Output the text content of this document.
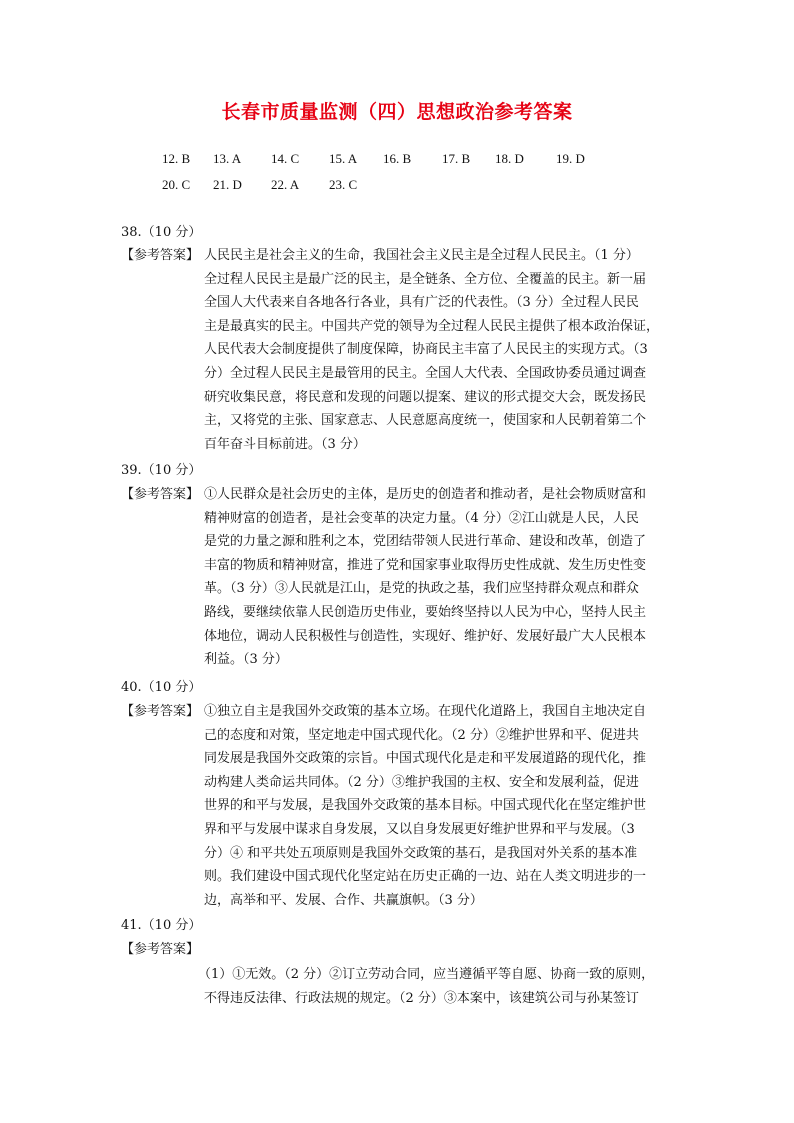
长春市质量监测（四）思想政治参考答案
12. B 13. A 14. C 15. A 16. B 17. B 18. D 19. D
20. C 21. D 22. A 23. C
38.（10 分）
【参考答案】 人民民主是社会主义的生命，我国社会主义民主是全过程人民民主。（1 分）
全过程人民民主是最广泛的民主，是全链条、全方位、全覆盖的民主。新一届
全国人大代表来自各地各行各业，具有广泛的代表性。（3 分）全过程人民民
主是最真实的民主。中国共产党的领导为全过程人民民主提供了根本政治保证，
人民代表大会制度提供了制度保障，协商民主丰富了人民民主的实现方式。（3
分）全过程人民民主是最管用的民主。全国人大代表、全国政协委员通过调查
研究收集民意，将民意和发现的问题以提案、建议的形式提交大会，既发扬民
主，又将党的主张、国家意志、人民意愿高度统一，使国家和人民朝着第二个
百年奋斗目标前进。（3 分）
39.（10 分）
【参考答案】 ①人民群众是社会历史的主体，是历史的创造者和推动者，是社会物质财富和
精神财富的创造者，是社会变革的决定力量。（4 分）②江山就是人民，人民
是党的力量之源和胜利之本，党团结带领人民进行革命、建设和改革，创造了
丰富的物质和精神财富，推进了党和国家事业取得历史性成就、发生历史性变
革。（3 分）③人民就是江山，是党的执政之基，我们应坚持群众观点和群众
路线，要继续依靠人民创造历史伟业，要始终坚持以人民为中心，坚持人民主
体地位，调动人民积极性与创造性，实现好、维护好、发展好最广大人民根本
利益。（3 分）
40.（10 分）
【参考答案】 ①独立自主是我国外交政策的基本立场。在现代化道路上，我国自主地决定自
己的态度和对策，坚定地走中国式现代化。（2 分）②维护世界和平、促进共
同发展是我国外交政策的宗旨。中国式现代化是走和平发展道路的现代化，推
动构建人类命运共同体。（2 分）③维护我国的主权、安全和发展利益，促进
世界的和平与发展，是我国外交政策的基本目标。中国式现代化在坚定维护世
界和平与发展中谋求自身发展，又以自身发展更好维护世界和平与发展。（3
分）④ 和平共处五项原则是我国外交政策的基石，是我国对外关系的基本准
则。我们建设中国式现代化坚定站在历史正确的一边、站在人类文明进步的一
边，高举和平、发展、合作、共赢旗帜。（3 分）
41.（10 分）
【参考答案】
（1）①无效。（2 分）②订立劳动合同，应当遵循平等自愿、协商一致的原则，
不得违反法律、行政法规的规定。（2 分）③本案中，该建筑公司与孙某签订
